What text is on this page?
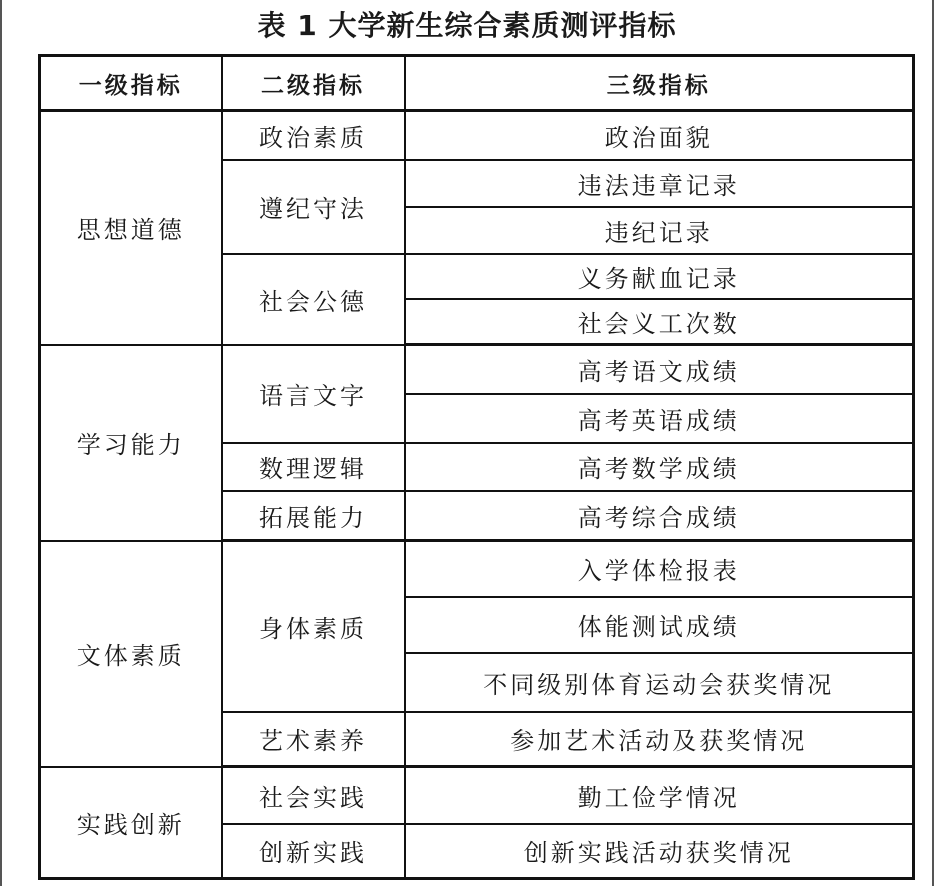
表 1 大学新生综合素质测评指标
一级指标	二级指标	三级指标
思想道德	政治素质	政治面貌
	遵纪守法	违法违章记录
		违纪记录
	社会公德	义务献血记录
		社会义工次数
学习能力	语言文字	高考语文成绩
		高考英语成绩
	数理逻辑	高考数学成绩
	拓展能力	高考综合成绩
文体素质	身体素质	入学体检报表
		体能测试成绩
		不同级别体育运动会获奖情况
	艺术素养	参加艺术活动及获奖情况
实践创新	社会实践	勤工俭学情况
	创新实践	创新实践活动获奖情况
